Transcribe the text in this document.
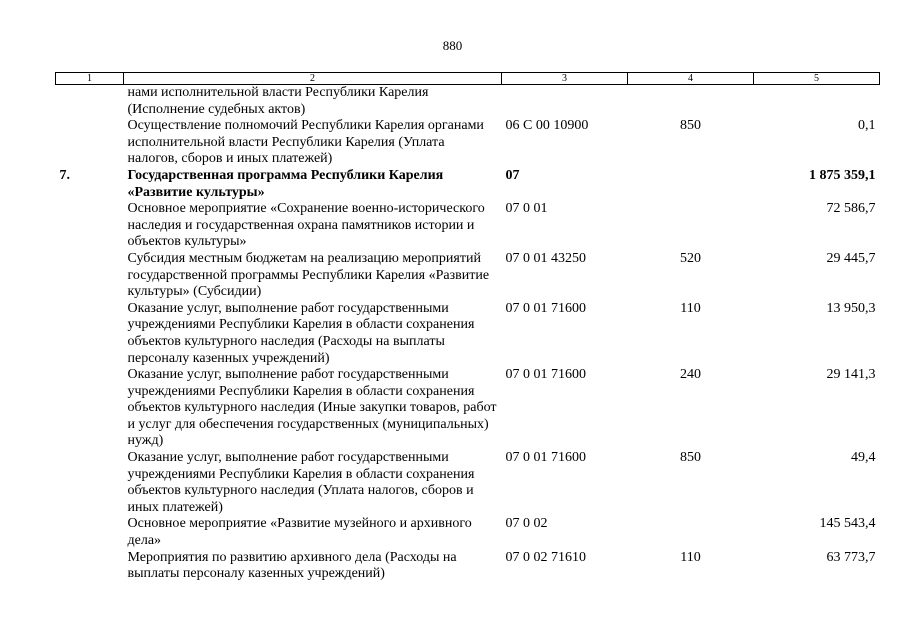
880
1	2	3	4	5
	нами исполнительной власти Республики Карелия (Исполнение судебных актов)			
	Осуществление полномочий Республики Карелия органами исполнительной власти Республики Карелия (Уплата налогов, сборов и иных платежей)	06 С 00 10900	850	0,1
7.	Государственная программа Республики Карелия «Развитие культуры»	07		1 875 359,1
	Основное мероприятие «Сохранение военно-исторического наследия и государственная охрана памятников истории и объектов культуры»	07 0 01		72 586,7
	Субсидия местным бюджетам на реализацию мероприятий государственной программы Республики Карелия «Развитие культуры» (Субсидии)	07 0 01 43250	520	29 445,7
	Оказание услуг, выполнение работ государственными учреждениями Республики Карелия в области сохранения объектов культурного наследия (Расходы на выплаты персоналу казенных учреждений)	07 0 01 71600	110	13 950,3
	Оказание услуг, выполнение работ государственными учреждениями Республики Карелия в области сохранения объектов культурного наследия (Иные закупки товаров, работ и услуг для обеспечения государственных (муниципальных) нужд)	07 0 01 71600	240	29 141,3
	Оказание услуг, выполнение работ государственными учреждениями Республики Карелия в области сохранения объектов культурного наследия (Уплата налогов, сборов и иных платежей)	07 0 01 71600	850	49,4
	Основное мероприятие «Развитие музейного и архивного дела»	07 0 02		145 543,4
	Мероприятия по развитию архивного дела (Расходы на выплаты персоналу казенных учреждений)	07 0 02 71610	110	63 773,7
